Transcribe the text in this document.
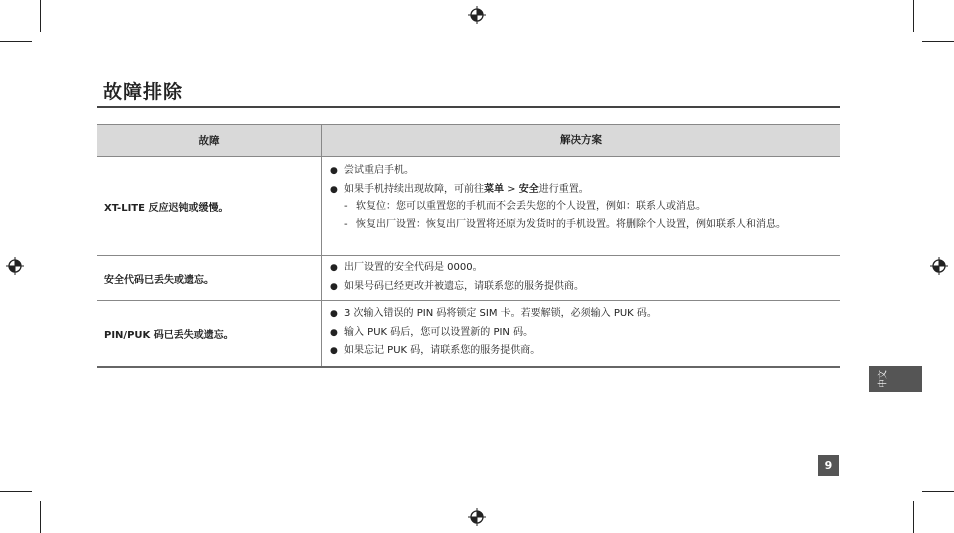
故障排除
故障	解决方案
XT-LITE 反应迟钝或缓慢。
● 尝试重启手机。
● 如果手机持续出现故障，可前往菜单 > 安全进行重置。
- 软复位：您可以重置您的手机而不会丢失您的个人设置，例如：联系人或消息。
- 恢复出厂设置：恢复出厂设置将还原为发货时的手机设置。将删除个人设置，例如联系人和消息。
安全代码已丢失或遗忘。
● 出厂设置的安全代码是 0000。
● 如果号码已经更改并被遗忘，请联系您的服务提供商。
PIN/PUK 码已丢失或遗忘。
● 3 次输入错误的 PIN 码将锁定 SIM 卡。若要解锁，必须输入 PUK 码。
● 输入 PUK 码后，您可以设置新的 PIN 码。
● 如果忘记 PUK 码，请联系您的服务提供商。
中文
9
